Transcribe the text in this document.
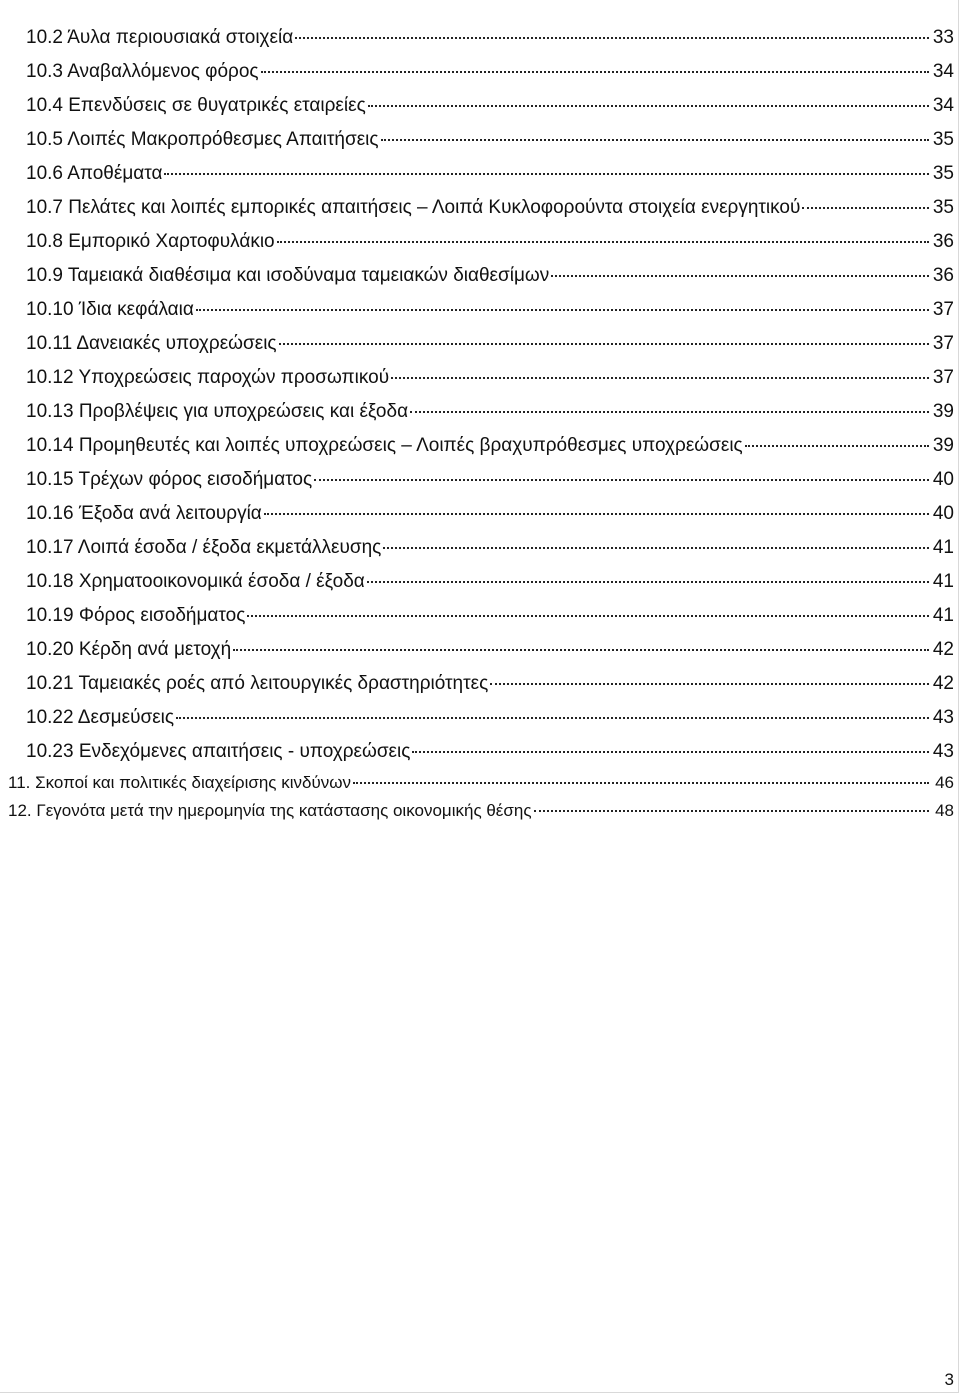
10.2 Άυλα περιουσιακά στοιχεία	33
10.3 Αναβαλλόμενος φόρος	34
10.4 Επενδύσεις σε θυγατρικές εταιρείες	34
10.5 Λοιπές Μακροπρόθεσμες Απαιτήσεις	35
10.6 Αποθέματα	35
10.7 Πελάτες και λοιπές εμπορικές απαιτήσεις – Λοιπά Κυκλοφορούντα στοιχεία ενεργητικού	35
10.8 Εμπορικό Χαρτοφυλάκιο	36
10.9 Ταμειακά διαθέσιμα και ισοδύναμα ταμειακών διαθεσίμων	36
10.10 Ίδια κεφάλαια	37
10.11 Δανειακές υποχρεώσεις	37
10.12 Υποχρεώσεις παροχών προσωπικού	37
10.13 Προβλέψεις για υποχρεώσεις και έξοδα	39
10.14 Προμηθευτές και λοιπές υποχρεώσεις – Λοιπές βραχυπρόθεσμες υποχρεώσεις	39
10.15 Τρέχων φόρος εισοδήματος	40
10.16 Έξοδα ανά λειτουργία	40
10.17 Λοιπά έσοδα / έξοδα εκμετάλλευσης	41
10.18 Χρηματοοικονομικά έσοδα / έξοδα	41
10.19 Φόρος εισοδήματος	41
10.20 Κέρδη ανά μετοχή	42
10.21 Ταμειακές ροές από λειτουργικές δραστηριότητες	42
10.22 Δεσμεύσεις	43
10.23 Ενδεχόμενες απαιτήσεις - υποχρεώσεις	43
11. Σκοποί και πολιτικές διαχείρισης κινδύνων	46
12. Γεγονότα μετά την ημερομηνία της κατάστασης οικονομικής θέσης	48
3
